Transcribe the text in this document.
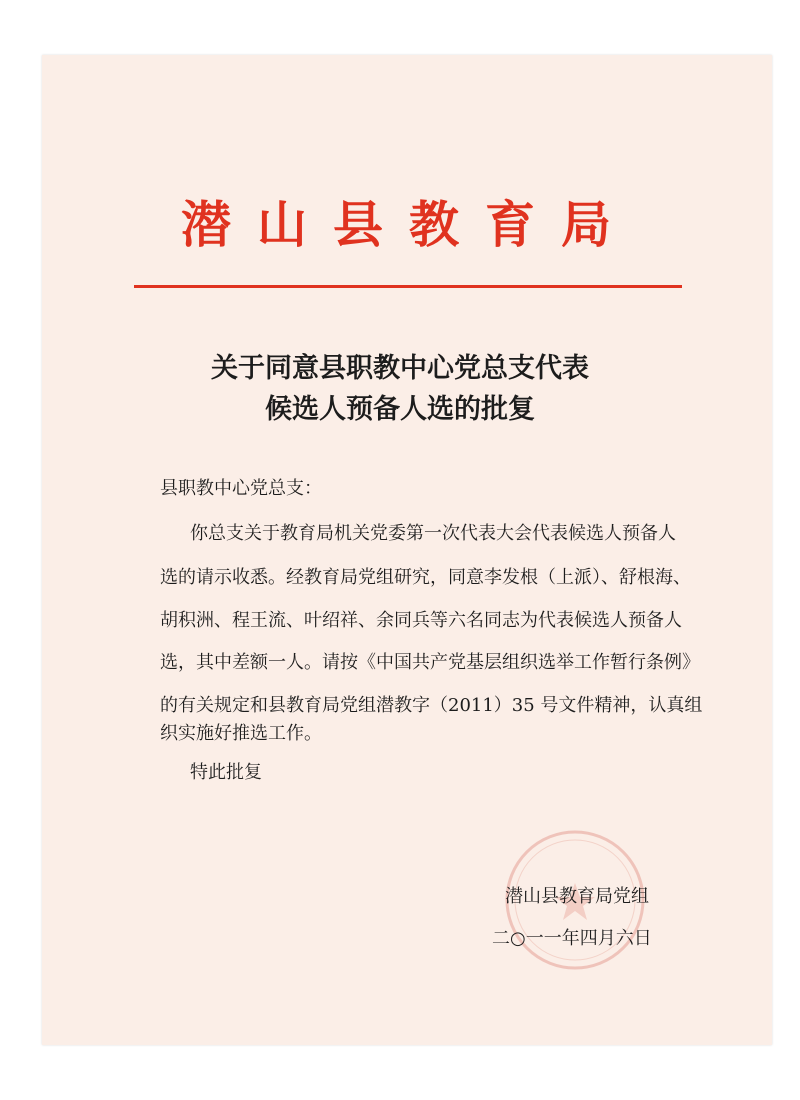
潜山县教育局
关于同意县职教中心党总支代表
候选人预备人选的批复
县职教中心党总支：
你总支关于教育局机关党委第一次代表大会代表候选人预备人
选的请示收悉。经教育局党组研究，同意李发根（上派）、舒根海、
胡积洲、程王流、叶绍祥、余同兵等六名同志为代表候选人预备人
选，其中差额一人。请按《中国共产党基层组织选举工作暂行条例》
的有关规定和县教育局党组潜教字（2011）35 号文件精神，认真组
织实施好推选工作。
特此批复
潜山县教育局党组
二○一一年四月六日
